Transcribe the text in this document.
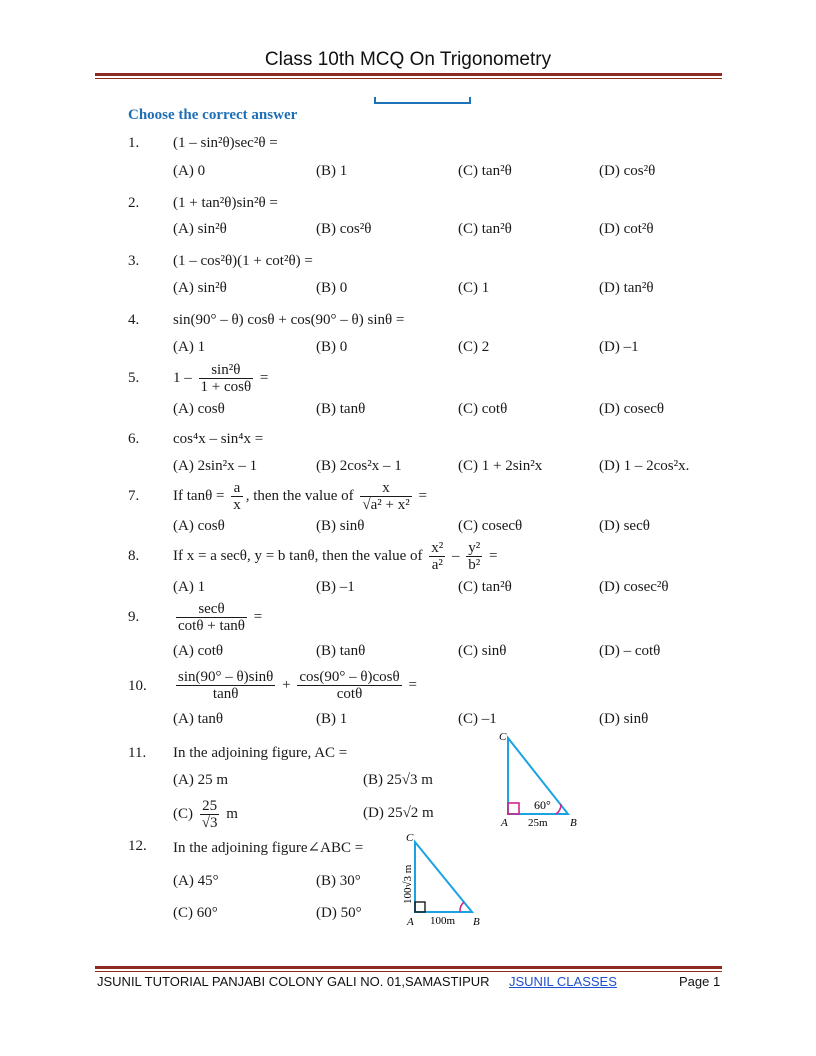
Class 10th MCQ On Trigonometry
Choose the correct answer
1. (1 – sin²θ)sec²θ =
(A) 0	(B) 1	(C) tan²θ	(D) cos²θ
2. (1 + tan²θ)sin²θ =
(A) sin²θ	(B) cos²θ	(C) tan²θ	(D) cot²θ
3. (1 – cos²θ)(1 + cot²θ) =
(A) sin²θ	(B) 0	(C) 1	(D) tan²θ
4. sin(90° – θ) cosθ + cos(90° – θ) sinθ =
(A) 1	(B) 0	(C) 2	(D) –1
5. $1 - \frac{\text{sin²θ}}{1 + \cos\theta}$ =
(A) cosθ	(B) tanθ	(C) cotθ	(D) cosecθ
6. cos⁴x – sin⁴x =
(A) 2sin²x – 1	(B) 2cos²x – 1	(C) 1 + 2sin²x	(D) 1 – 2cos²x.
7. If $\tan\theta = \frac{a}{x}$ , then the value of $\frac{x}{\text{√a² + x²}}$ =
(A) cosθ	(B) sinθ	(C) cosecθ	(D) secθ
8. If x = a secθ, y = b tanθ, then the value of $\frac{\text{x²}}{\text{a²}} - \frac{\text{y²}}{\text{b²}}$ =
(A) 1	(B) –1	(C) tan²θ	(D) cosec²θ
9. $\frac{\sec\theta}{\cot\theta + \tan\theta}$ =
(A) cotθ	(B) tanθ	(C) sinθ	(D) – cotθ
10. $\frac{\sin(90^\circ - \theta)\sin\theta}{\tan\theta} + \frac{\cos(90^\circ - \theta)\cos\theta}{\cot\theta}$ =
(A) tanθ	(B) 1	(C) –1	(D) sinθ
11. In the adjoining figure, AC =
(A) 25 m	(B) 25√3 m
$(C) \frac{25}{√3}$ m	(D) 25√2 m
C
A	B
60°
25m
12. In the adjoining figure∠ABC =
(A) 45°	(B) 30°
(C) 60°	(D) 50°
C
A	B
100m
100√3 m
JSUNIL TUTORIAL PANJABI COLONY GALI NO. 01,SAMASTIPUR JSUNIL CLASSES	Page 1
